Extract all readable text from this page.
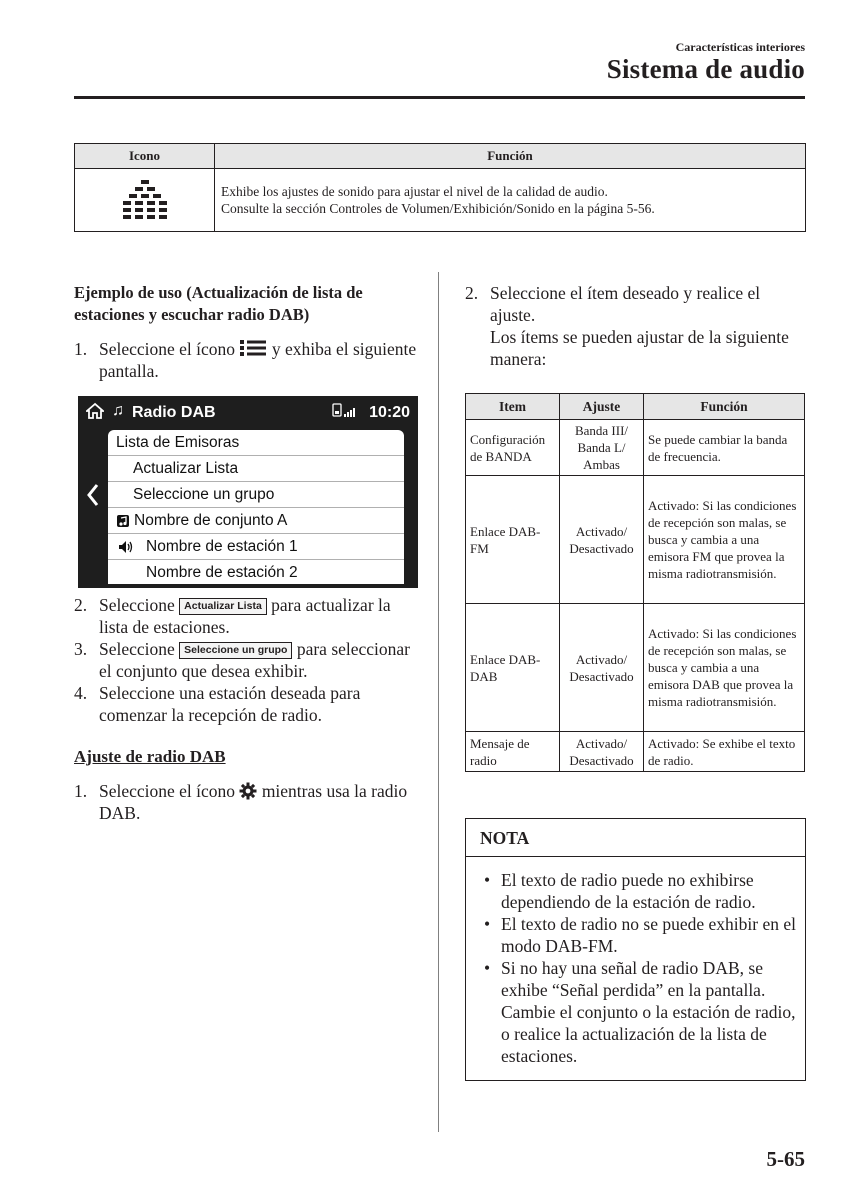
Características interiores
Sistema de audio
Icono	Función

Exhibe los ajustes de sonido para ajustar el nivel de la calidad de audio.
Consulte la sección Controles de Volumen/Exhibición/Sonido en la página 5-56.
Ejemplo de uso (Actualización de lista de estaciones y escuchar radio DAB)
1. Seleccione el ícono y exhiba el siguiente pantalla.
♫ Radio DAB	10:20
Lista de Emisoras
Actualizar Lista
Seleccione un grupo
Nombre de conjunto A
Nombre de estación 1
Nombre de estación 2
2. Seleccione Actualizar Lista para actualizar la lista de estaciones.
3. Seleccione Seleccione un grupo para seleccionar el conjunto que desea exhibir.
4. Seleccione una estación deseada para comenzar la recepción de radio.
Ajuste de radio DAB
1. Seleccione el ícono mientras usa la radio DAB.
2. Seleccione el ítem deseado y realice el ajuste.
Los ítems se pueden ajustar de la siguiente manera:
Item	Ajuste	Función
Configuración de BANDA	Banda III/ Banda L/ Ambas	Se puede cambiar la banda de frecuencia.
Enlace DAB-FM	Activado/ Desactivado	Activado: Si las condiciones de recepción son malas, se busca y cambia a una emisora FM que provea la misma radiotransmisión.
Enlace DAB-DAB	Activado/ Desactivado	Activado: Si las condiciones de recepción son malas, se busca y cambia a una emisora DAB que provea la misma radiotransmisión.
Mensaje de radio	Activado/ Desactivado	Activado: Se exhibe el texto de radio.
NOTA
• El texto de radio puede no exhibirse dependiendo de la estación de radio.
• El texto de radio no se puede exhibir en el modo DAB-FM.
• Si no hay una señal de radio DAB, se exhibe “Señal perdida” en la pantalla. Cambie el conjunto o la estación de radio, o realice la actualización de la lista de estaciones.
5-65
